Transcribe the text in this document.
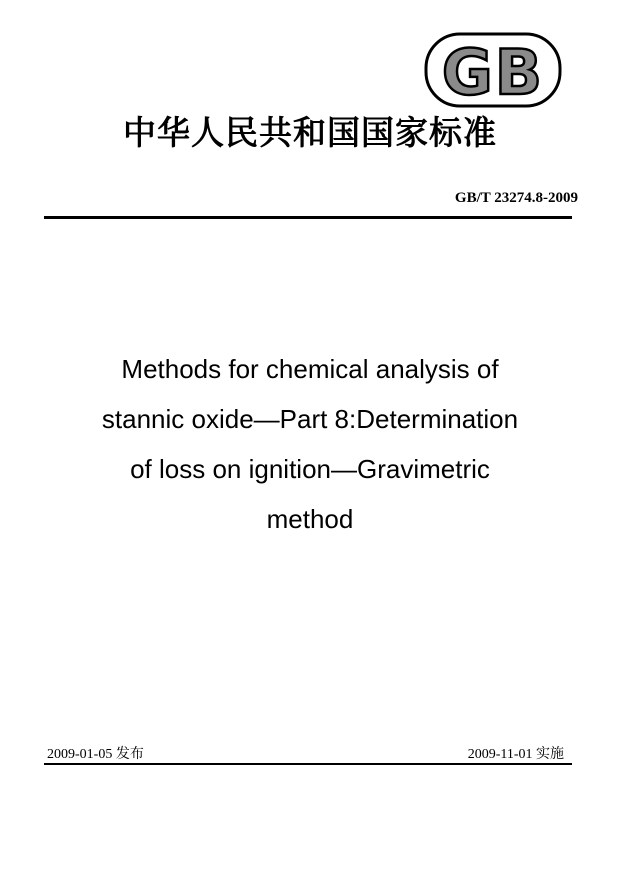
GB
中华人民共和国国家标准
GB/T 23274.8-2009
Methods for chemical analysis of
stannic oxide—Part 8:Determination
of loss on ignition—Gravimetric
method
2009-01-05 发布	2009-11-01 实施
